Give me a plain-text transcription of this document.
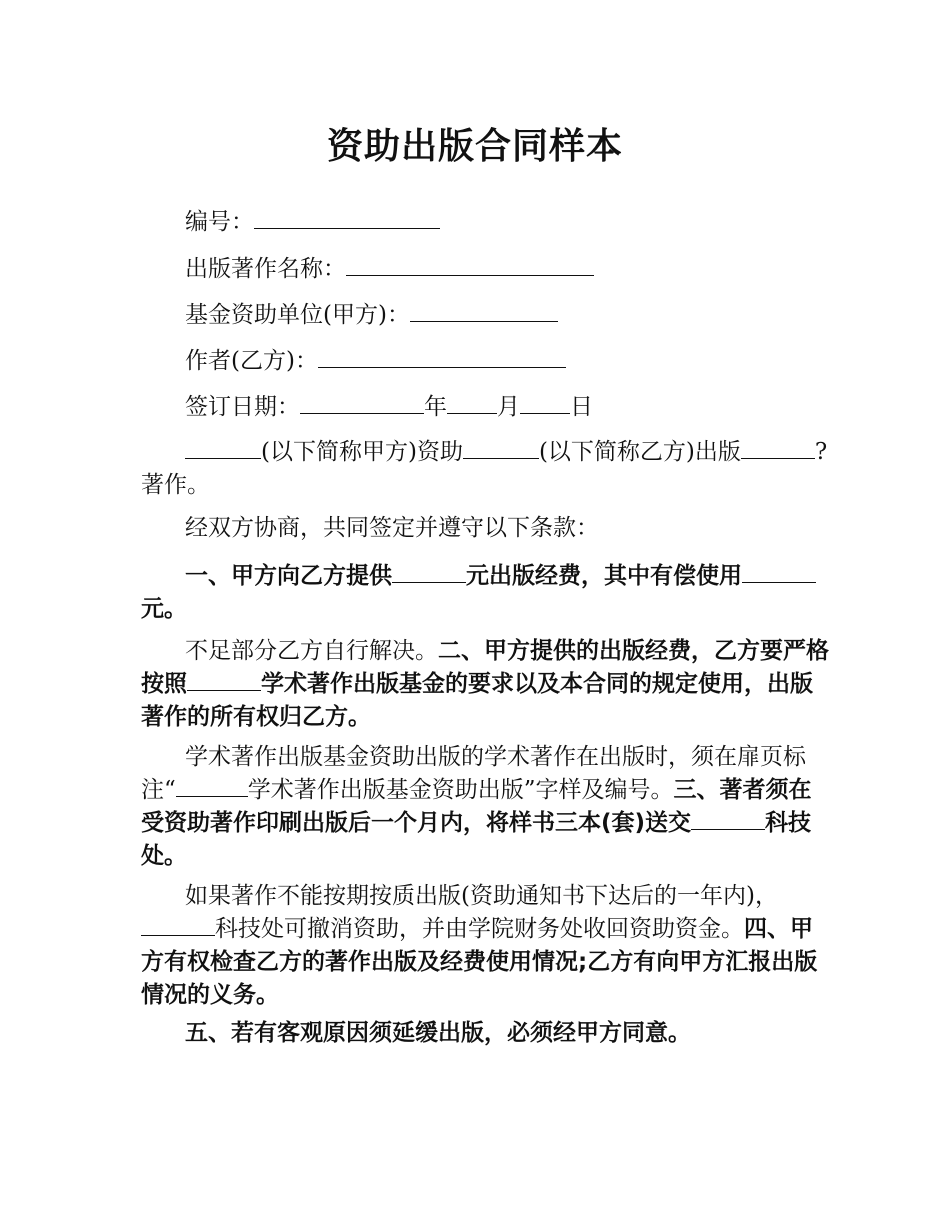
资助出版合同样本
编号：
出版著作名称：
基金资助单位(甲方)：
作者(乙方)：
签订日期：	年 月 日
(以下简称甲方)资助	(以下简称乙方)出版	?著作。
经双方协商，共同签定并遵守以下条款：
一、甲方向乙方提供	元出版经费，其中有偿使用元。
不足部分乙方自行解决。二、甲方提供的出版经费，乙方要严格按照	学术著作出版基金的要求以及本合同的规定使用，出版著作的所有权归乙方。
学术著作出版基金资助出版的学术著作在出版时，须在扉页标注“	学术著作出版基金资助出版”字样及编号。三、著者须在受资助著作印刷出版后一个月内，将样书三本(套)送交	科技处。
如果著作不能按期按质出版(资助通知书下达后的一年内)，科技处可撤消资助，并由学院财务处收回资助资金。四、甲方有权检查乙方的著作出版及经费使用情况;乙方有向甲方汇报出版情况的义务。
五、若有客观原因须延缓出版，必须经甲方同意。
